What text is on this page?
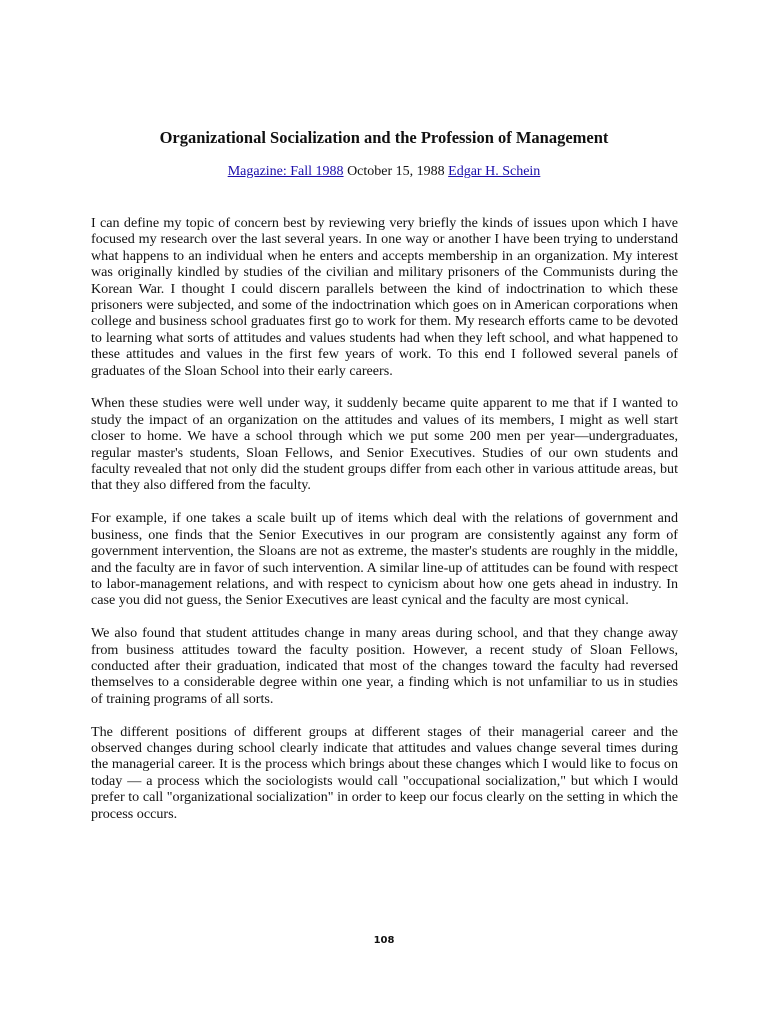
Organizational Socialization and the Profession of Management

Magazine: Fall 1988 October 15, 1988 Edgar H. Schein

I can define my topic of concern best by reviewing very briefly the kinds of issues upon which I have focused my research over the last several years. In one way or another I have been trying to understand what happens to an individual when he enters and accepts membership in an organization. My interest was originally kindled by studies of the civilian and military prisoners of the Communists during the Korean War. I thought I could discern parallels between the kind of indoctrination to which these prisoners were subjected, and some of the indoctrination which goes on in American corporations when college and business school graduates first go to work for them. My research efforts came to be devoted to learning what sorts of attitudes and values students had when they left school, and what happened to these attitudes and values in the first few years of work. To this end I followed several panels of graduates of the Sloan School into their early careers.

When these studies were well under way, it suddenly became quite apparent to me that if I wanted to study the impact of an organization on the attitudes and values of its members, I might as well start closer to home. We have a school through which we put some 200 men per year—undergraduates, regular master's students, Sloan Fellows, and Senior Executives. Studies of our own students and faculty revealed that not only did the student groups differ from each other in various attitude areas, but that they also differed from the faculty.

For example, if one takes a scale built up of items which deal with the relations of government and business, one finds that the Senior Executives in our program are consistently against any form of government intervention, the Sloans are not as extreme, the master's students are roughly in the middle, and the faculty are in favor of such intervention. A similar line-up of attitudes can be found with respect to labor-management relations, and with respect to cynicism about how one gets ahead in industry. In case you did not guess, the Senior Executives are least cynical and the faculty are most cynical.

We also found that student attitudes change in many areas during school, and that they change away from business attitudes toward the faculty position. However, a recent study of Sloan Fellows, conducted after their graduation, indicated that most of the changes toward the faculty had reversed themselves to a considerable degree within one year, a finding which is not unfamiliar to us in studies of training programs of all sorts.

The different positions of different groups at different stages of their managerial career and the observed changes during school clearly indicate that attitudes and values change several times during the managerial career. It is the process which brings about these changes which I would like to focus on today — a process which the sociologists would call "occupational socialization," but which I would prefer to call "organizational socialization" in order to keep our focus clearly on the setting in which the process occurs.

108
